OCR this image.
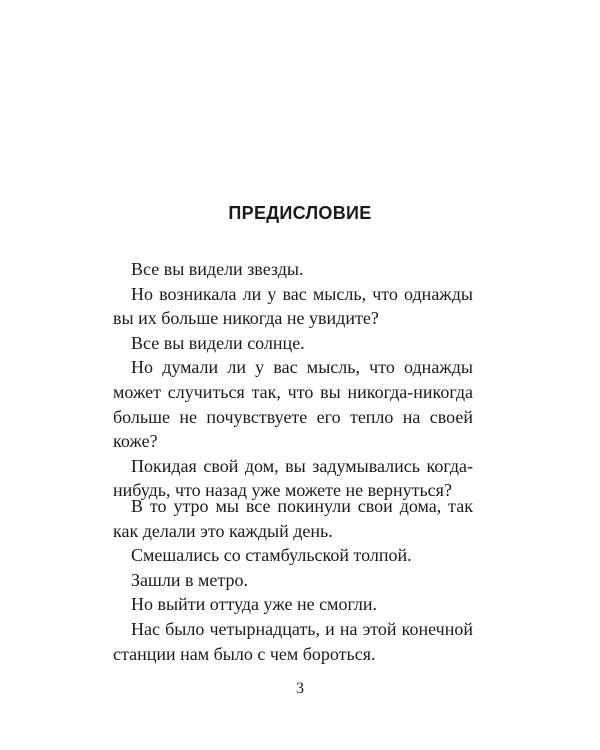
ПРЕДИСЛОВИЕ

Все вы видели звезды.

Но возникала ли у вас мысль, что однажды вы их больше никогда не увидите?

Все вы видели солнце.

Но думали ли у вас мысль, что однажды может случиться так, что вы никогда-никогда больше не почувствуете его тепло на своей коже?

Покидая свой дом, вы задумывались когда-нибудь, что назад уже можете не вернуться?

В то утро мы все покинули свои дома, так как делали это каждый день.

Смешались со стамбульской толпой.

Зашли в метро.

Но выйти оттуда уже не смогли.

Нас было четырнадцать, и на этой конечной станции нам было с чем бороться.

3
